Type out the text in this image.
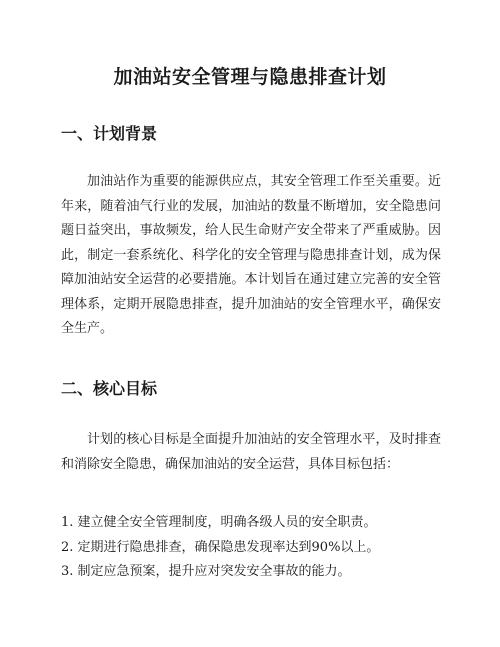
加油站安全管理与隐患排查计划
一、计划背景

加油站作为重要的能源供应点，其安全管理工作至关重要。近年来，随着油气行业的发展，加油站的数量不断增加，安全隐患问题日益突出，事故频发，给人民生命财产安全带来了严重威胁。因此，制定一套系统化、科学化的安全管理与隐患排查计划，成为保障加油站安全运营的必要措施。本计划旨在通过建立完善的安全管理体系，定期开展隐患排查，提升加油站的安全管理水平，确保安全生产。

二、核心目标

计划的核心目标是全面提升加油站的安全管理水平，及时排查和消除安全隐患，确保加油站的安全运营，具体目标包括：

1. 建立健全安全管理制度，明确各级人员的安全职责。
2. 定期进行隐患排查，确保隐患发现率达到90%以上。
3. 制定应急预案，提升应对突发安全事故的能力。
